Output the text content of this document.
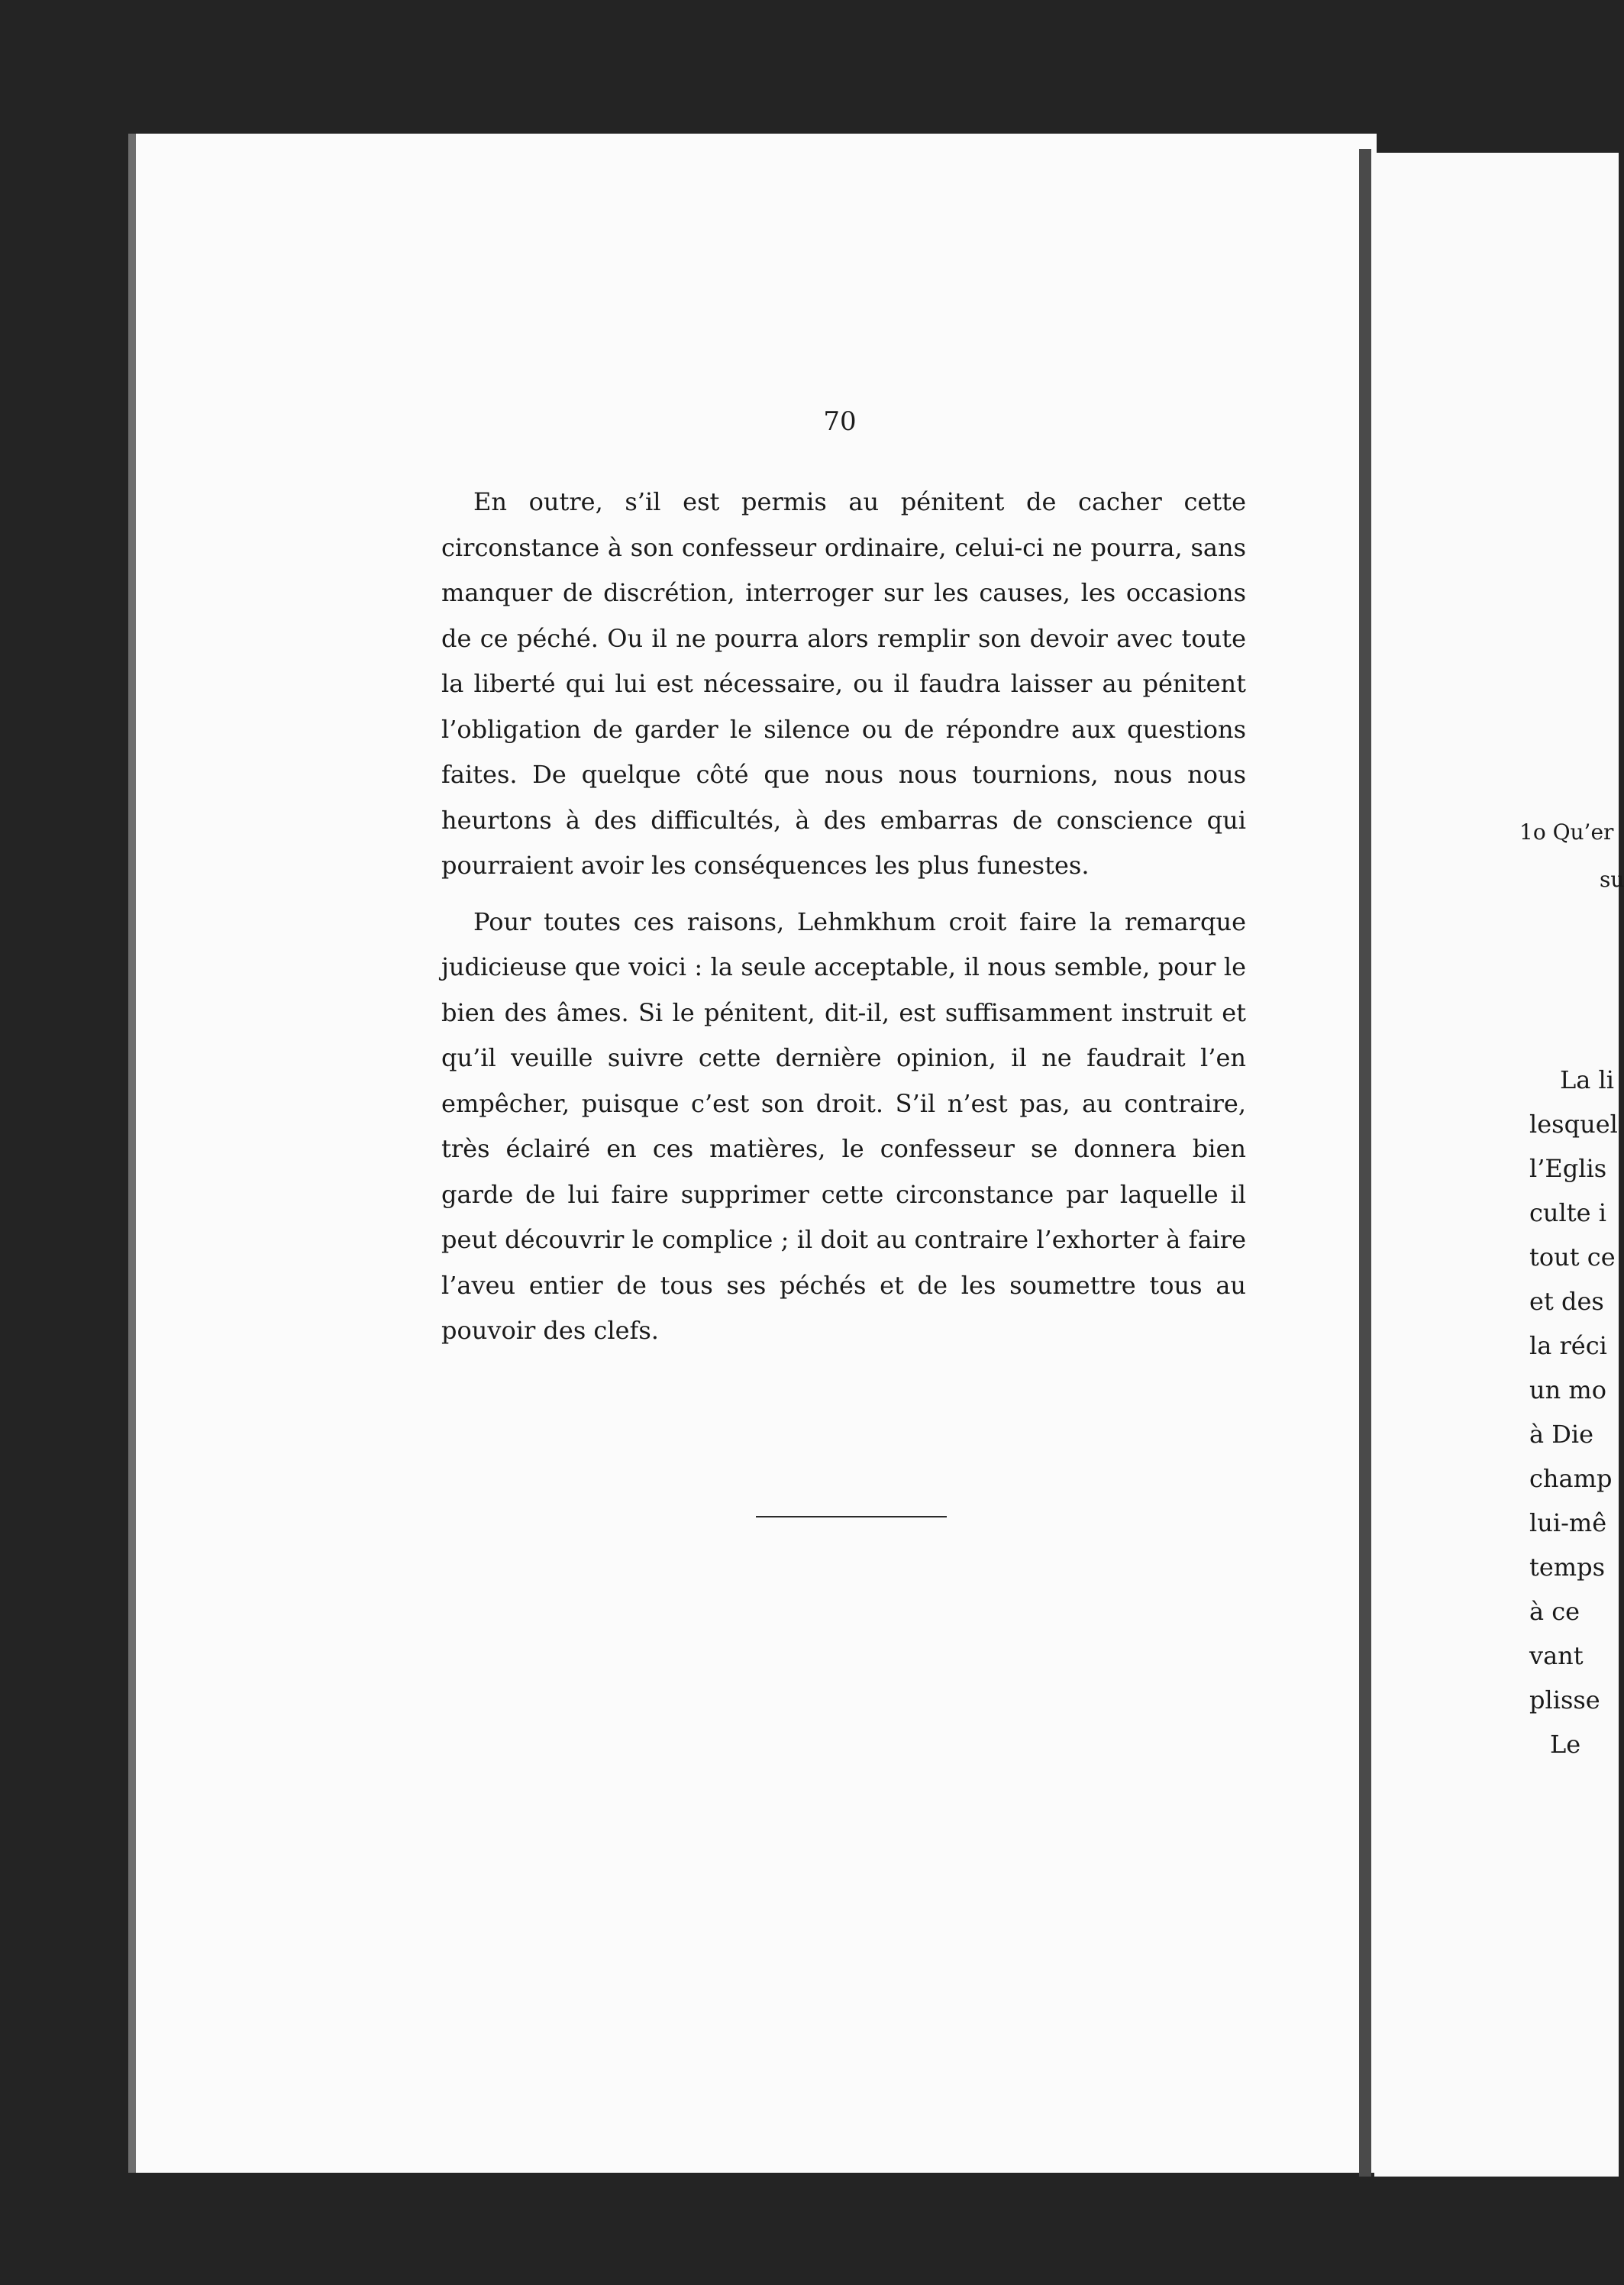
70

En outre, s’il est permis au pénitent de cacher cette circonstance à son confesseur ordinaire, celui-ci ne pourra, sans manquer de discrétion, interroger sur les causes, les occasions de ce péché. Ou il ne pourra alors remplir son devoir avec toute la liberté qui lui est nécessaire, ou il faudra laisser au pénitent l’obligation de garder le silence ou de répondre aux questions faites. De quelque côté que nous nous tournions, nous nous heurtons à des difficultés, à des embarras de conscience qui pourraient avoir les conséquences les plus funestes.

Pour toutes ces raisons, Lehmkhum croit faire la remarque judicieuse que voici : la seule acceptable, il nous semble, pour le bien des âmes. Si le pénitent, dit-il, est suffisamment instruit et qu’il veuille suivre cette dernière opinion, il ne faudrait l’en empêcher, puisque c’est son droit. S’il n’est pas, au contraire, très éclairé en ces matières, le confesseur se donnera bien garde de lui faire supprimer cette circonstance par laquelle il peut découvrir le complice ; il doit au contraire l’exhorter à faire l’aveu entier de tous ses péchés et de les soumettre tous au pouvoir des clefs.

1o Qu’er
su

La li

lesquel

l’Eglis

culte i

tout ce

et des

la réci

un mo

à Die

champ

lui-mê

temps

à ce

vant

plisse

Le
